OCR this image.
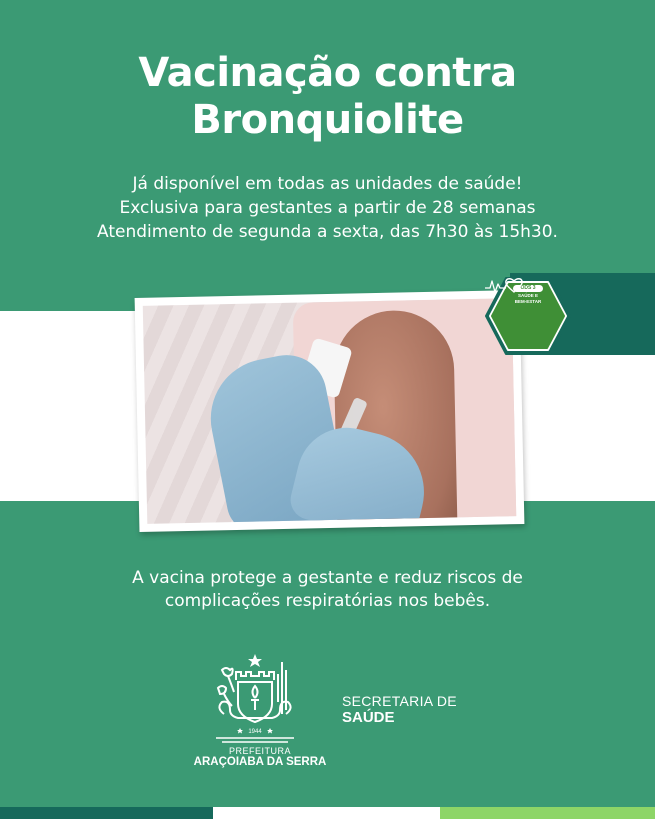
Vacinação contra
Bronquiolite
Já disponível em todas as unidades de saúde!
Exclusiva para gestantes a partir de 28 semanas
Atendimento de segunda a sexta, das 7h30 às 15h30.
ODS 3
SAÚDE E
BEM-ESTAR
A vacina protege a gestante e reduz riscos de
complicações respiratórias nos bebês.
1944
PREFEITURA
ARAÇOIABA DA SERRA
SECRETARIA DE
SAÚDE
